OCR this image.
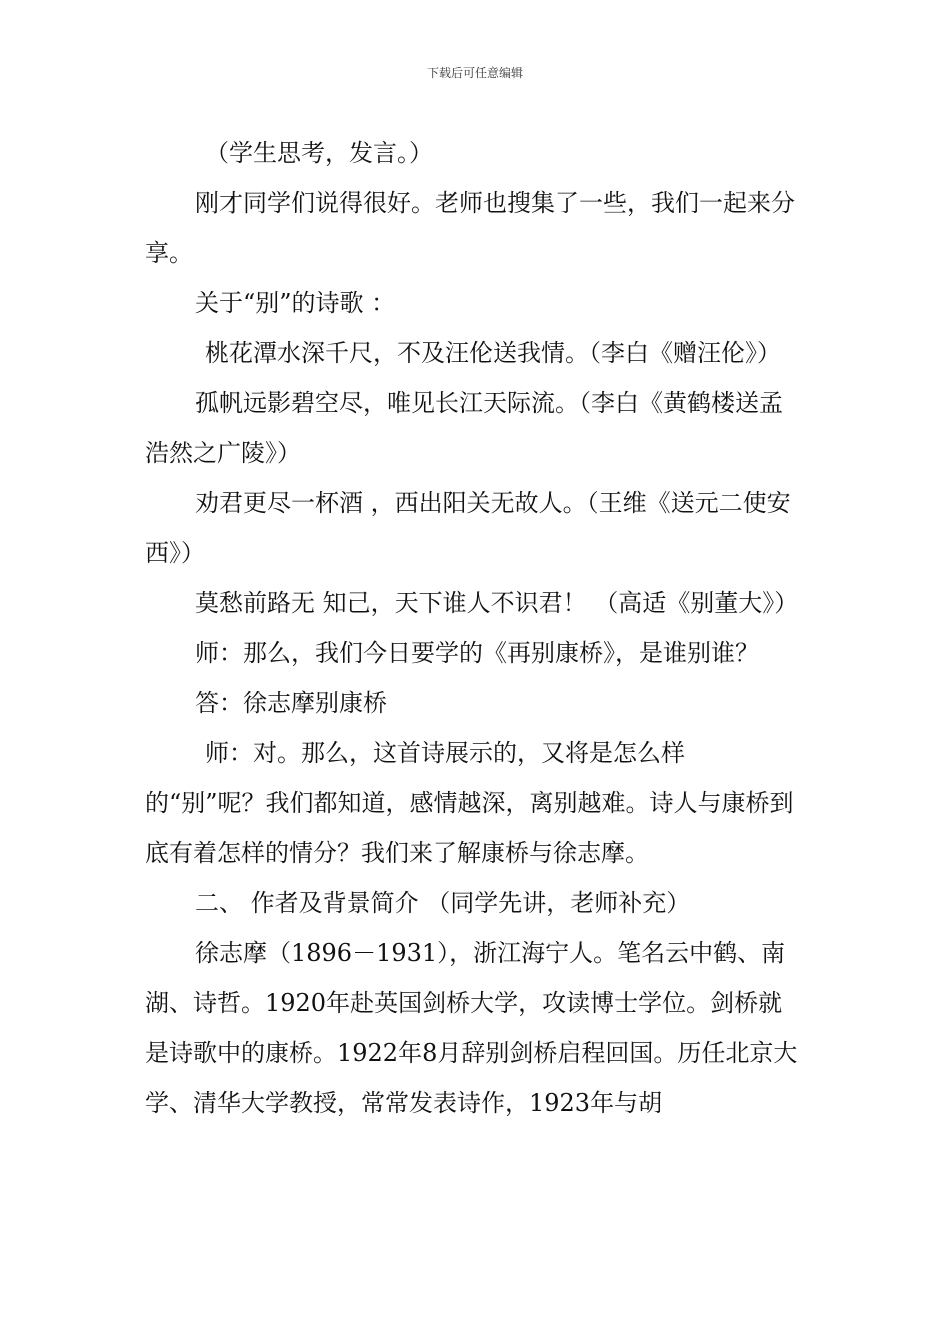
下载后可任意编辑

（学生思考，发言。）

刚才同学们说得很好。老师也搜集了一些，我们一起来分享。

关于“别”的诗歌 ：

桃花潭水深千尺，不及汪伦送我情。（李白《赠汪伦》）

孤帆远影碧空尽，唯见长江天际流。（李白《黄鹤楼送孟浩然之广陵》）

劝君更尽一杯酒 ，西出阳关无故人。（王维《送元二使安西》）

莫愁前路无 知己，天下谁人不识君！ （高适《别董大》）

师：那么，我们今日要学的《再别康桥》，是谁别谁？

答：徐志摩别康桥

师：对。那么，这首诗展示的，又将是怎么样的“别”呢？我们都知道，感情越深，离别越难。诗人与康桥到底有着怎样的情分？我们来了解康桥与徐志摩。

二、 作者及背景简介 （同学先讲，老师补充）

徐志摩（1896－1931），浙江海宁人。笔名云中鹤、南湖、诗哲。1920年赴英国剑桥大学，攻读博士学位。剑桥就是诗歌中的康桥。1922年8月辞别剑桥启程回国。历任北京大学、清华大学教授，常常发表诗作，1923年与胡
